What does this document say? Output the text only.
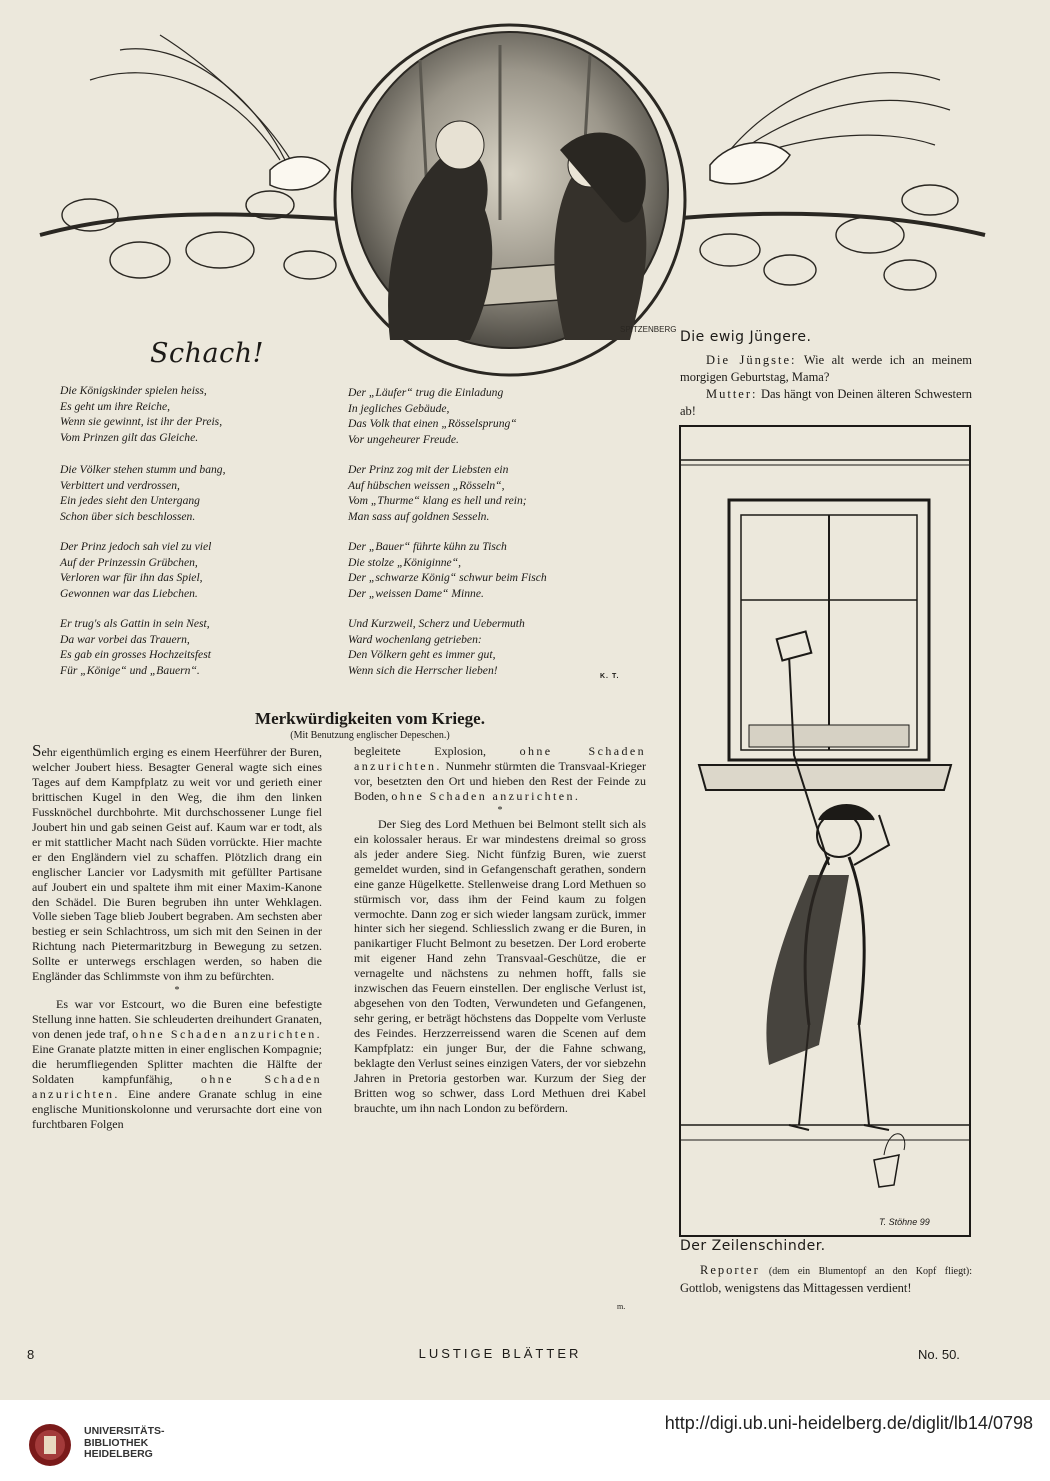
SPITZENBERG
Schach!
Die Königskinder spielen heiss,
Es geht um ihre Reiche,
Wenn sie gewinnt, ist ihr der Preis,
Vom Prinzen gilt das Gleiche.
Die Völker stehen stumm und bang,
Verbittert und verdrossen,
Ein jedes sieht den Untergang
Schon über sich beschlossen.
Der Prinz jedoch sah viel zu viel
Auf der Prinzessin Grübchen,
Verloren war für ihn das Spiel,
Gewonnen war das Liebchen.
Er trug's als Gattin in sein Nest,
Da war vorbei das Trauern,
Es gab ein grosses Hochzeitsfest
Für „Könige“ und „Bauern“.
Der „Läufer“ trug die Einladung
In jegliches Gebäude,
Das Volk that einen „Rösselsprung“
Vor ungeheurer Freude.
Der Prinz zog mit der Liebsten ein
Auf hübschen weissen „Rösseln“,
Vom „Thurme“ klang es hell und rein;
Man sass auf goldnen Sesseln.
Der „Bauer“ führte kühn zu Tisch
Die stolze „Königinne“,
Der „schwarze König“ schwur beim Fisch
Der „weissen Dame“ Minne.
Und Kurzweil, Scherz und Uebermuth
Ward wochenlang getrieben:
Den Völkern geht es immer gut,
Wenn sich die Herrscher lieben!	K. T.
Merkwürdigkeiten vom Kriege.
(Mit Benutzung englischer Depeschen.)

Sehr eigenthümlich erging es einem Heerführer der Buren, welcher Joubert hiess. Besagter General wagte sich eines Tages auf dem Kampfplatz zu weit vor und gerieth einer brittischen Kugel in den Weg, die ihm den linken Fussknöchel durchbohrte. Mit durchschossener Lunge fiel Joubert hin und gab seinen Geist auf. Kaum war er todt, als er mit stattlicher Macht nach Süden vorrückte. Hier machte er den Engländern viel zu schaffen. Plötzlich drang ein englischer Lancier vor Ladysmith mit gefüllter Partisane auf Joubert ein und spaltete ihm mit einer Maxim-Kanone den Schädel. Die Buren begruben ihn unter Wehklagen. Volle sieben Tage blieb Joubert begraben. Am sechsten aber bestieg er sein Schlachtross, um sich mit den Seinen in der Richtung nach Pietermaritzburg in Bewegung zu setzen. Sollte er unterwegs erschlagen werden, so haben die Engländer das Schlimmste von ihm zu befürchten.

*

Es war vor Estcourt, wo die Buren eine befestigte Stellung inne hatten. Sie schleuderten dreihundert Granaten, von denen jede traf, ohne Schaden anzurichten. Eine Granate platzte mitten in einer englischen Kompagnie; die herumfliegenden Splitter machten die Hälfte der Soldaten kampfunfähig, ohne Schaden anzurichten. Eine andere Granate schlug in eine englische Munitionskolonne und verursachte dort eine von furchtbaren Folgen

begleitete Explosion,	ohne Schaden anzurichten. Nunmehr stürmten die Transvaal-Krieger vor, besetzten den Ort und hieben den Rest der Feinde zu Boden, ohne Schaden anzurichten.

*

Der Sieg des Lord Methuen bei Belmont stellt sich als ein kolossaler heraus. Er war mindestens dreimal so gross als jeder andere Sieg. Nicht fünfzig Buren, wie zuerst gemeldet wurden, sind in Gefangenschaft gerathen, sondern eine ganze Hügelkette. Stellenweise drang Lord Methuen so stürmisch vor, dass ihm der Feind kaum zu folgen vermochte. Dann zog er sich wieder langsam zurück, immer hinter sich her siegend. Schliesslich zwang er die Buren, in panikartiger Flucht Belmont zu besetzen. Der Lord eroberte mit eigener Hand zehn Transvaal-Geschütze, die er vernagelte und nächstens zu nehmen hofft, falls sie inzwischen das Feuern einstellen. Der englische Verlust ist, abgesehen von den Todten, Verwundeten und Gefangenen, sehr gering, er beträgt höchstens das Doppelte vom Verluste des Feindes. Herzzerreissend waren die Scenen auf dem Kampfplatz: ein junger Bur, der die Fahne schwang, beklagte den Verlust seines einzigen Vaters, der vor siebzehn Jahren in Pretoria gestorben war. Kurzum der Sieg der Britten wog so schwer, dass Lord Methuen drei Kabel brauchte, um ihn nach London zu befördern.

m.
Die ewig Jüngere.

Die Jüngste: Wie alt werde ich an meinem morgigen Geburtstag, Mama?

Mutter: Das hängt von Deinen älteren Schwestern ab!

T. Stöhne 99
Der Zeilenschinder.
Reporter (dem ein Blumentopf an den Kopf fliegt): Gottlob, wenigstens das Mittagessen verdient!
8	LUSTIGE BLÄTTER	No. 50.
UNIVERSITÄTS-
BIBLIOTHEK
HEIDELBERG
http://digi.ub.uni-heidelberg.de/diglit/lb14/0798
